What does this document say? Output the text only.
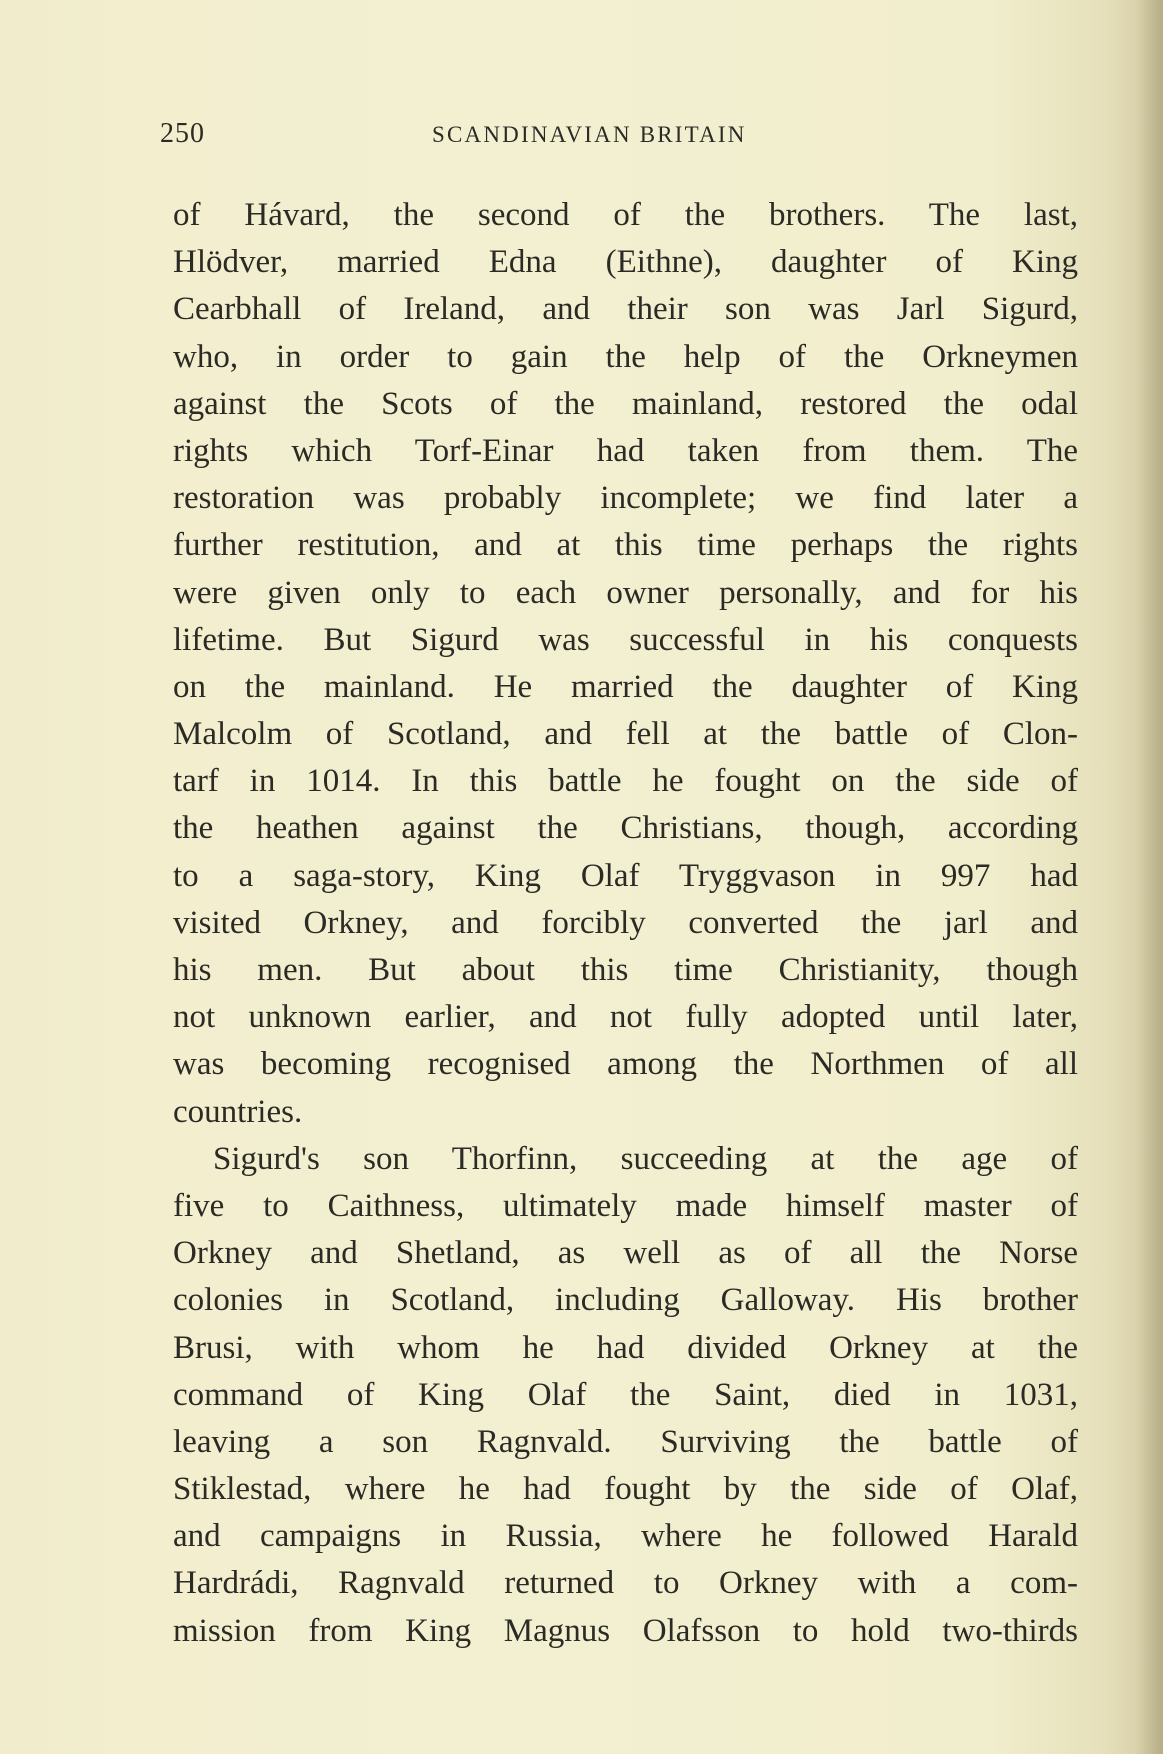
250	SCANDINAVIAN BRITAIN
of Hávard, the second of the brothers. The last,
Hlödver, married Edna (Eithne), daughter of King
Cearbhall of Ireland, and their son was Jarl Sigurd,
who, in order to gain the help of the Orkneymen
against the Scots of the mainland, restored the odal
rights which Torf-Einar had taken from them. The
restoration was probably incomplete; we find later a
further restitution, and at this time perhaps the rights
were given only to each owner personally, and for his
lifetime. But Sigurd was successful in his conquests
on the mainland. He married the daughter of King
Malcolm of Scotland, and fell at the battle of Clon-
tarf in 1014. In this battle he fought on the side of
the heathen against the Christians, though, according
to a saga-story, King Olaf Tryggvason in 997 had
visited Orkney, and forcibly converted the jarl and
his men. But about this time Christianity, though
not unknown earlier, and not fully adopted until later,
was becoming recognised among the Northmen of all
countries.
Sigurd's son Thorfinn, succeeding at the age of
five to Caithness, ultimately made himself master of
Orkney and Shetland, as well as of all the Norse
colonies in Scotland, including Galloway. His brother
Brusi, with whom he had divided Orkney at the
command of King Olaf the Saint, died in 1031,
leaving a son Ragnvald. Surviving the battle of
Stiklestad, where he had fought by the side of Olaf,
and campaigns in Russia, where he followed Harald
Hardrádi, Ragnvald returned to Orkney with a com-
mission from King Magnus Olafsson to hold two-thirds
